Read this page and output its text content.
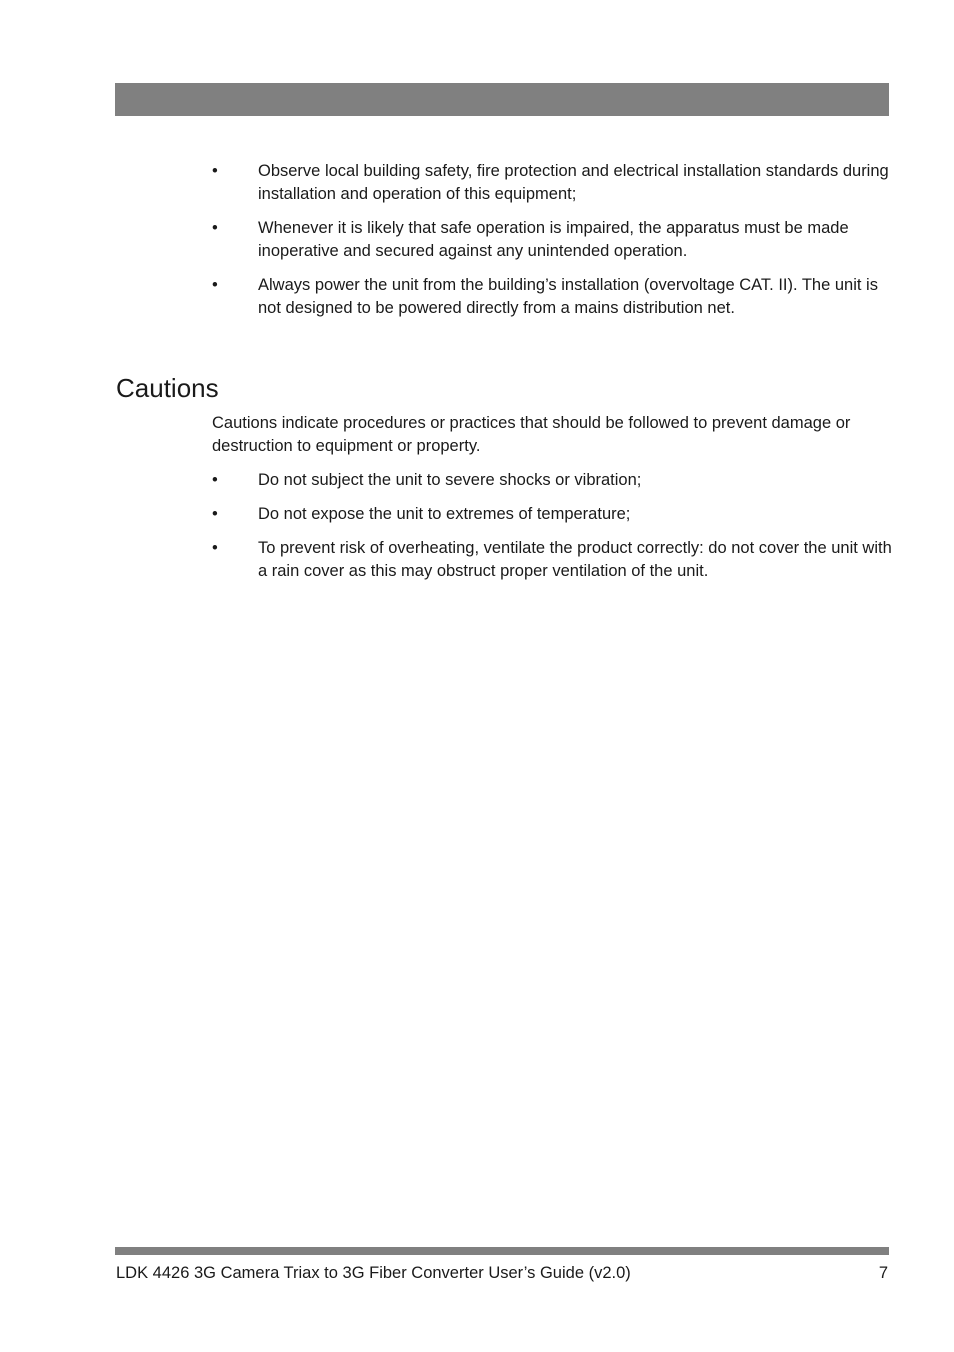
•	Observe local building safety, fire protection and electrical installation standards during installation and operation of this equipment;
•	Whenever it is likely that safe operation is impaired, the apparatus must be made inoperative and secured against any unintended operation.
•	Always power the unit from the building’s installation (overvoltage CAT. II). The unit is not designed to be powered directly from a mains distribution net.
Cautions

Cautions indicate procedures or practices that should be followed to prevent damage or destruction to equipment or property.

•	Do not subject the unit to severe shocks or vibration;
•	Do not expose the unit to extremes of temperature;
•	To prevent risk of overheating, ventilate the product correctly: do not cover the unit with a rain cover as this may obstruct proper ventilation of the unit.
LDK 4426 3G Camera Triax to 3G Fiber Converter User’s Guide (v2.0)	7
